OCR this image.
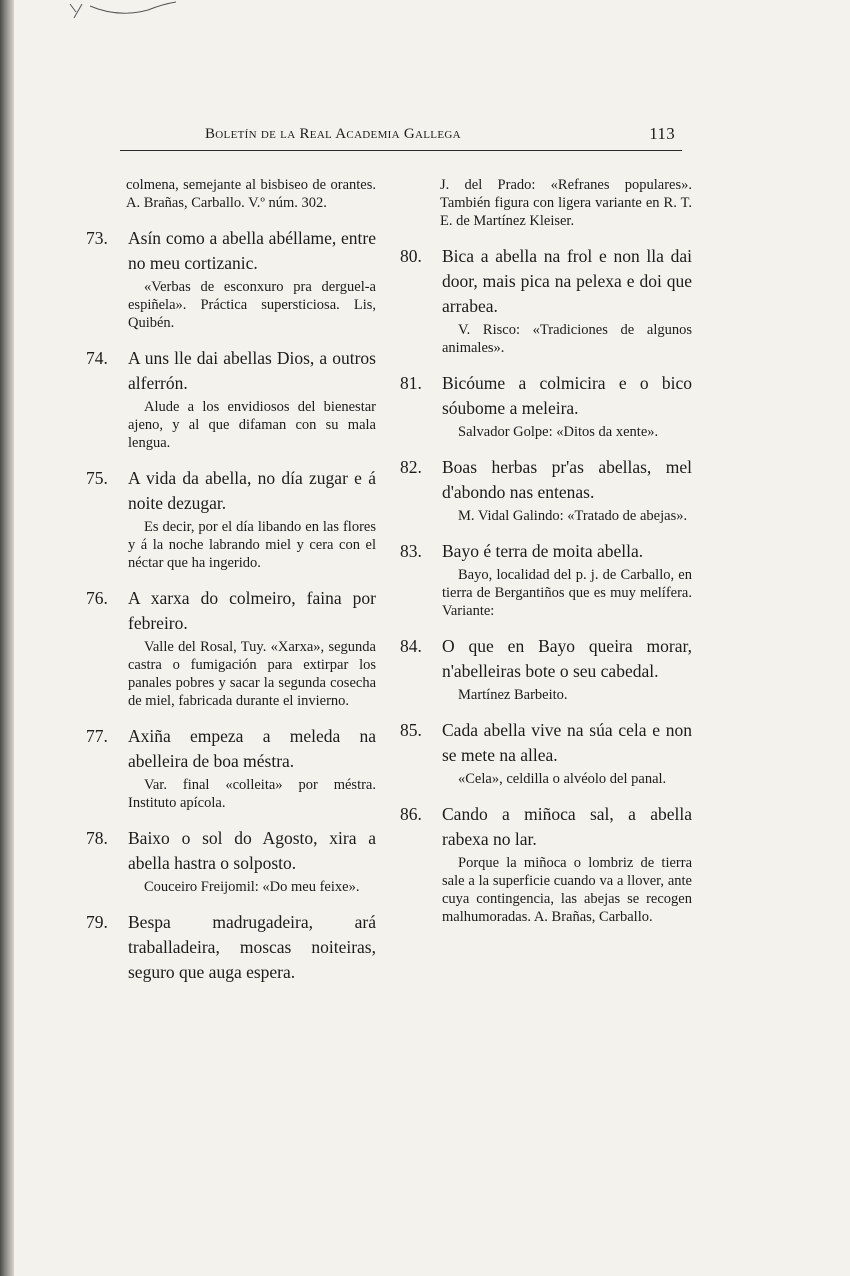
Boletín de la Real Academia Gallega	113
colmena, semejante al bisbiseo de orantes. A. Brañas, Carballo. V.º núm. 302.
73. Asín como a abella abéllame, entre no meu cortizanic.
«Verbas de esconxuro pra derguel-a espiñela». Práctica supersticiosa. Lis, Quibén.
74. A uns lle dai abellas Dios, a outros alferrón.
Alude a los envidiosos del bienestar ajeno, y al que difaman con su mala lengua.
75. A vida da abella, no día zugar e á noite dezugar.
Es decir, por el día libando en las flores y á la noche labrando miel y cera con el néctar que ha ingerido.
76. A xarxa do colmeiro, faina por febreiro.
Valle del Rosal, Tuy. «Xarxa», segunda castra o fumigación para extirpar los panales pobres y sacar la segunda cosecha de miel, fabricada durante el invierno.
77. Axiña empeza a meleda na abelleira de boa méstra.
Var. final «colleita» por méstra. Instituto apícola.
78. Baixo o sol do Agosto, xira a abella hastra o solposto.
Couceiro Freijomil: «Do meu feixe».
79. Bespa madrugadeira, ará traballadeira, moscas noiteiras, seguro que auga espera.
J. del Prado: «Refranes populares». También figura con ligera variante en R. T. E. de Martínez Kleiser.
80. Bica a abella na frol e non lla dai door, mais pica na pelexa e doi que arrabea.
V. Risco: «Tradiciones de algunos animales».
81. Bicóume a colmicira e o bico sóubome a meleira.
Salvador Golpe: «Ditos da xente».
82. Boas herbas pr'as abellas, mel d'abondo nas entenas.
M. Vidal Galindo: «Tratado de abejas».
83. Bayo é terra de moita abella.
Bayo, localidad del p. j. de Carballo, en tierra de Bergantiños que es muy melífera. Variante:
84. O que en Bayo queira morar, n'abelleiras bote o seu cabedal.
Martínez Barbeito.
85. Cada abella vive na súa cela e non se mete na allea.
«Cela», celdilla o alvéolo del panal.
86. Cando a miñoca sal, a abella rabexa no lar.
Porque la miñoca o lombriz de tierra sale a la superficie cuando va a llover, ante cuya contingencia, las abejas se recogen malhumoradas. A. Brañas, Carballo.
